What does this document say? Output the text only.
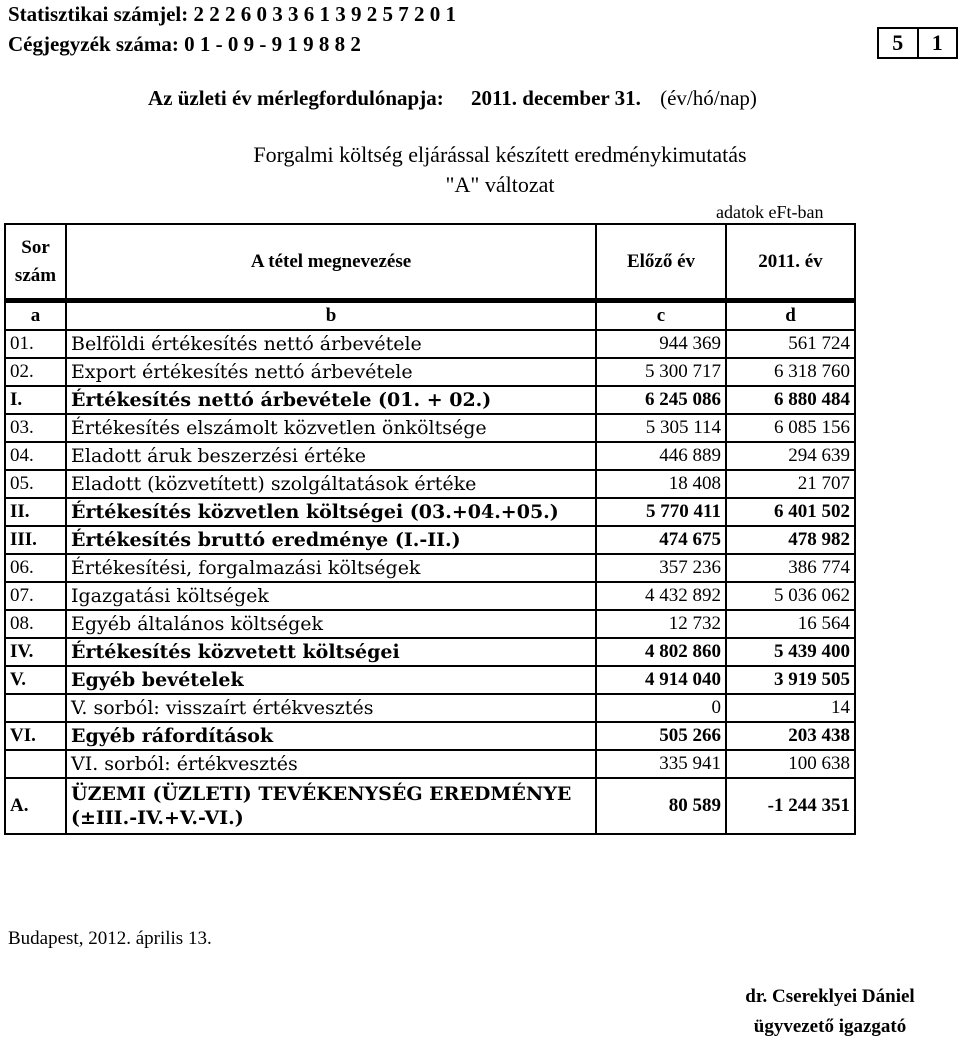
Statisztikai számjel: 2 2 2 6 0 3 3 6 1 3 9 2 5 7 2 0 1
Cégjegyzék száma: 0 1 - 0 9 - 9 1 9 8 8 2	5	1
Az üzleti év mérlegfordulónapja: 2011. december 31. (év/hó/nap)
Forgalmi költség eljárással készített eredménykimutatás
"A" változat
adatok eFt-ban
Sor
szám	A tétel megnevezése	Előző év	2011. év
a	b	c	d
01.	Belföldi értékesítés nettó árbevétele	944 369	561 724
02.	Export értékesítés nettó árbevétele	5 300 717	6 318 760
I.	Értékesítés nettó árbevétele (01. + 02.)	6 245 086	6 880 484
03.	Értékesítés elszámolt közvetlen önköltsége	5 305 114	6 085 156
04.	Eladott áruk beszerzési értéke	446 889	294 639
05.	Eladott (közvetített) szolgáltatások értéke	18 408	21 707
II.	Értékesítés közvetlen költségei (03.+04.+05.)	5 770 411	6 401 502
III.	Értékesítés bruttó eredménye (I.-II.)	474 675	478 982
06.	Értékesítési, forgalmazási költségek	357 236	386 774
07.	Igazgatási költségek	4 432 892	5 036 062
08.	Egyéb általános költségek	12 732	16 564
IV.	Értékesítés közvetett költségei	4 802 860	5 439 400
V.	Egyéb bevételek	4 914 040	3 919 505
	V. sorból: visszaírt értékvesztés	0	14
VI.	Egyéb ráfordítások	505 266	203 438
	VI. sorból: értékvesztés	335 941	100 638
A.	ÜZEMI (ÜZLETI) TEVÉKENYSÉG EREDMÉNYE
(±III.-IV.+V.-VI.)	80 589	-1 244 351
Budapest, 2012. április 13.
dr. Csereklyei Dániel
ügyvezető igazgató
